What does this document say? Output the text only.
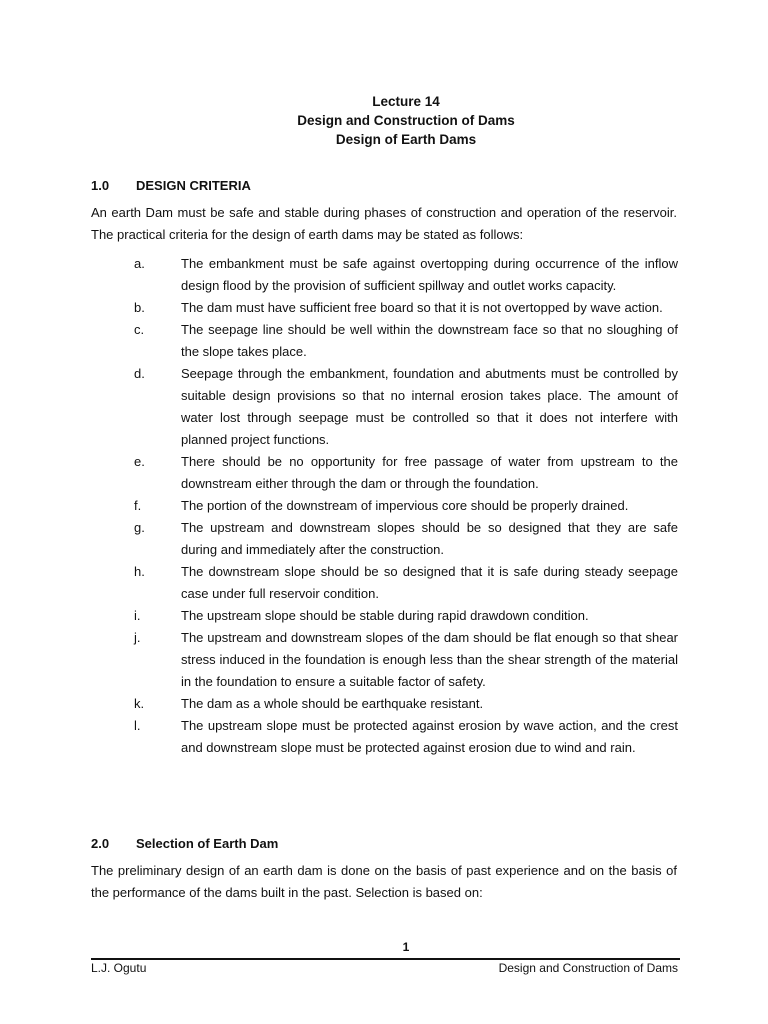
Lecture 14
Design and Construction of Dams
Design of Earth Dams
1.0 DESIGN CRITERIA

An earth Dam must be safe and stable during phases of construction and operation of the reservoir. The practical criteria for the design of earth dams may be stated as follows:

a.	The embankment must be safe against overtopping during occurrence of the inflow design flood by the provision of sufficient spillway and outlet works capacity.
b.	The dam must have sufficient free board so that it is not overtopped by wave action.
c.	The seepage line should be well within the downstream face so that no sloughing of the slope takes place.
d.	Seepage through the embankment, foundation and abutments must be controlled by suitable design provisions so that no internal erosion takes place. The amount of water lost through seepage must be controlled so that it does not interfere with planned project functions.
e.	There should be no opportunity for free passage of water from upstream to the downstream either through the dam or through the foundation.
f.	The portion of the downstream of impervious core should be properly drained.
g.	The upstream and downstream slopes should be so designed that they are safe during and immediately after the construction.
h.	The downstream slope should be so designed that it is safe during steady seepage case under full reservoir condition.
i.	The upstream slope should be stable during rapid drawdown condition.
j.	The upstream and downstream slopes of the dam should be flat enough so that shear stress induced in the foundation is enough less than the shear strength of the material in the foundation to ensure a suitable factor of safety.
k.	The dam as a whole should be earthquake resistant.
l.	The upstream slope must be protected against erosion by wave action, and the crest and downstream slope must be protected against erosion due to wind and rain.
2.0 Selection of Earth Dam

The preliminary design of an earth dam is done on the basis of past experience and on the basis of the performance of the dams built in the past. Selection is based on:

1
L.J. Ogutu	Design and Construction of Dams
